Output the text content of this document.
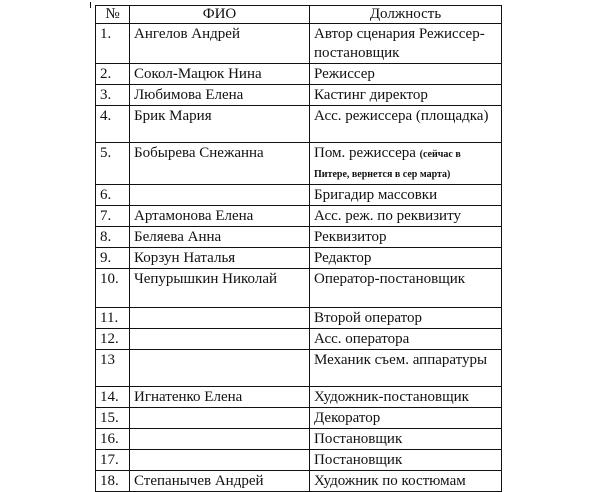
№	ФИО	Должность
1.	Ангелов Андрей	Автор сценария Режиссер-постановщик
2.	Сокол-Мацюк Нина	Режиссер
3.	Любимова Елена	Кастинг директор
4.	Брик Мария	Асс. режиссера (площадка)
5.	Бобырева Снежанна	Пом. режиссера (сейчас в Питере, вернется в сер марта)
6.		Бригадир массовки
7.	Артамонова Елена	Асс. реж. по реквизиту
8.	Беляева Анна	Реквизитор
9.	Корзун Наталья	Редактор
10.	Чепурышкин Николай	Оператор-постановщик
11.		Второй оператор
12.		Асс. оператора
13		Механик съем. аппаратуры
14.	Игнатенко Елена	Художник-постановщик
15.		Декоратор
16.		Постановщик
17.		Постановщик
18.	Степанычев Андрей	Художник по костюмам
